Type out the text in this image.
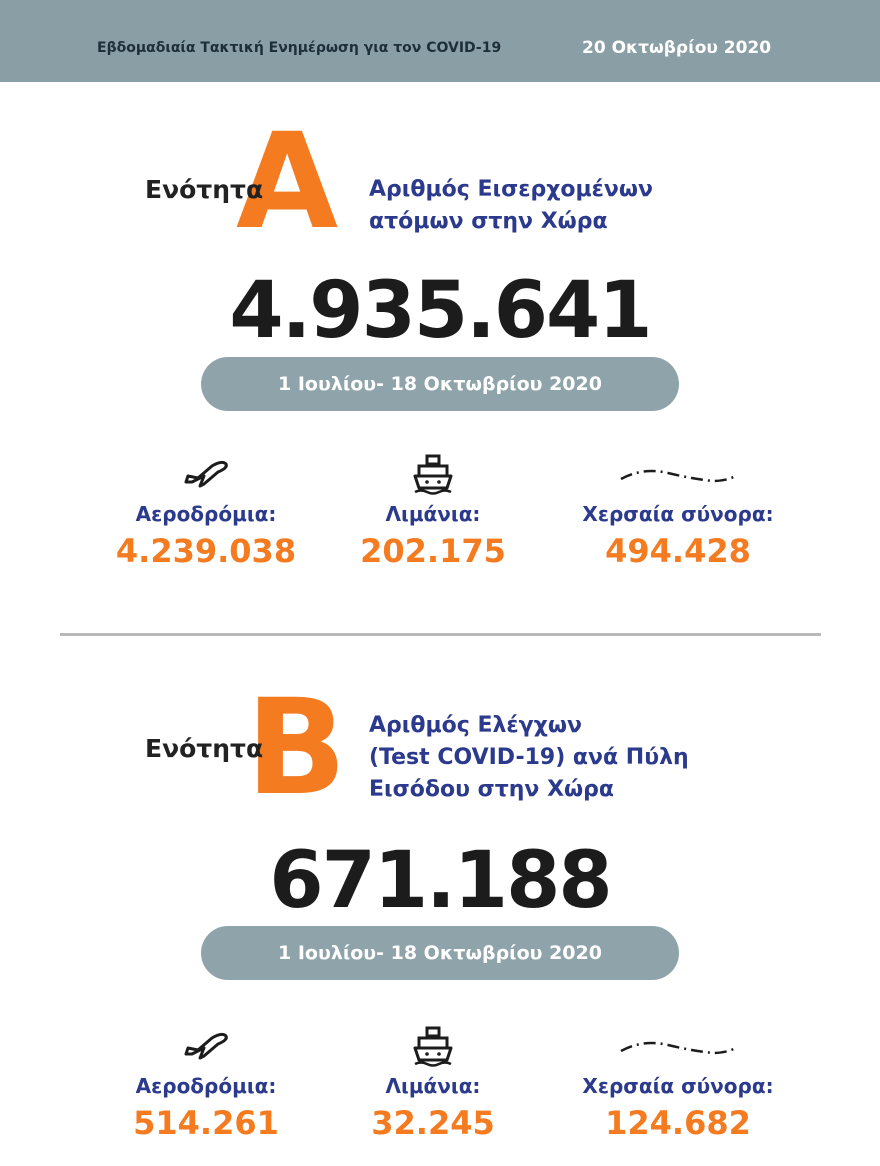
Εβδομαδιαία Τακτική Ενημέρωση για τον COVID-19	20 Οκτωβρίου 2020
A
Ενότητα	Αριθμός Εισερχομένων
ατόμων στην Χώρα
4.935.641
1 Ιουλίου- 18 Οκτωβρίου 2020
Αεροδρόμια:
4.239.038
Λιμάνια:
202.175
Χερσαία σύνορα:
494.428
B
Ενότητα
Αριθμός Ελέγχων
(Test COVID-19) ανά Πύλη
Εισόδου στην Χώρα
671.188
1 Ιουλίου- 18 Οκτωβρίου 2020
Αεροδρόμια:
514.261
Λιμάνια:
32.245
Χερσαία σύνορα:
124.682
